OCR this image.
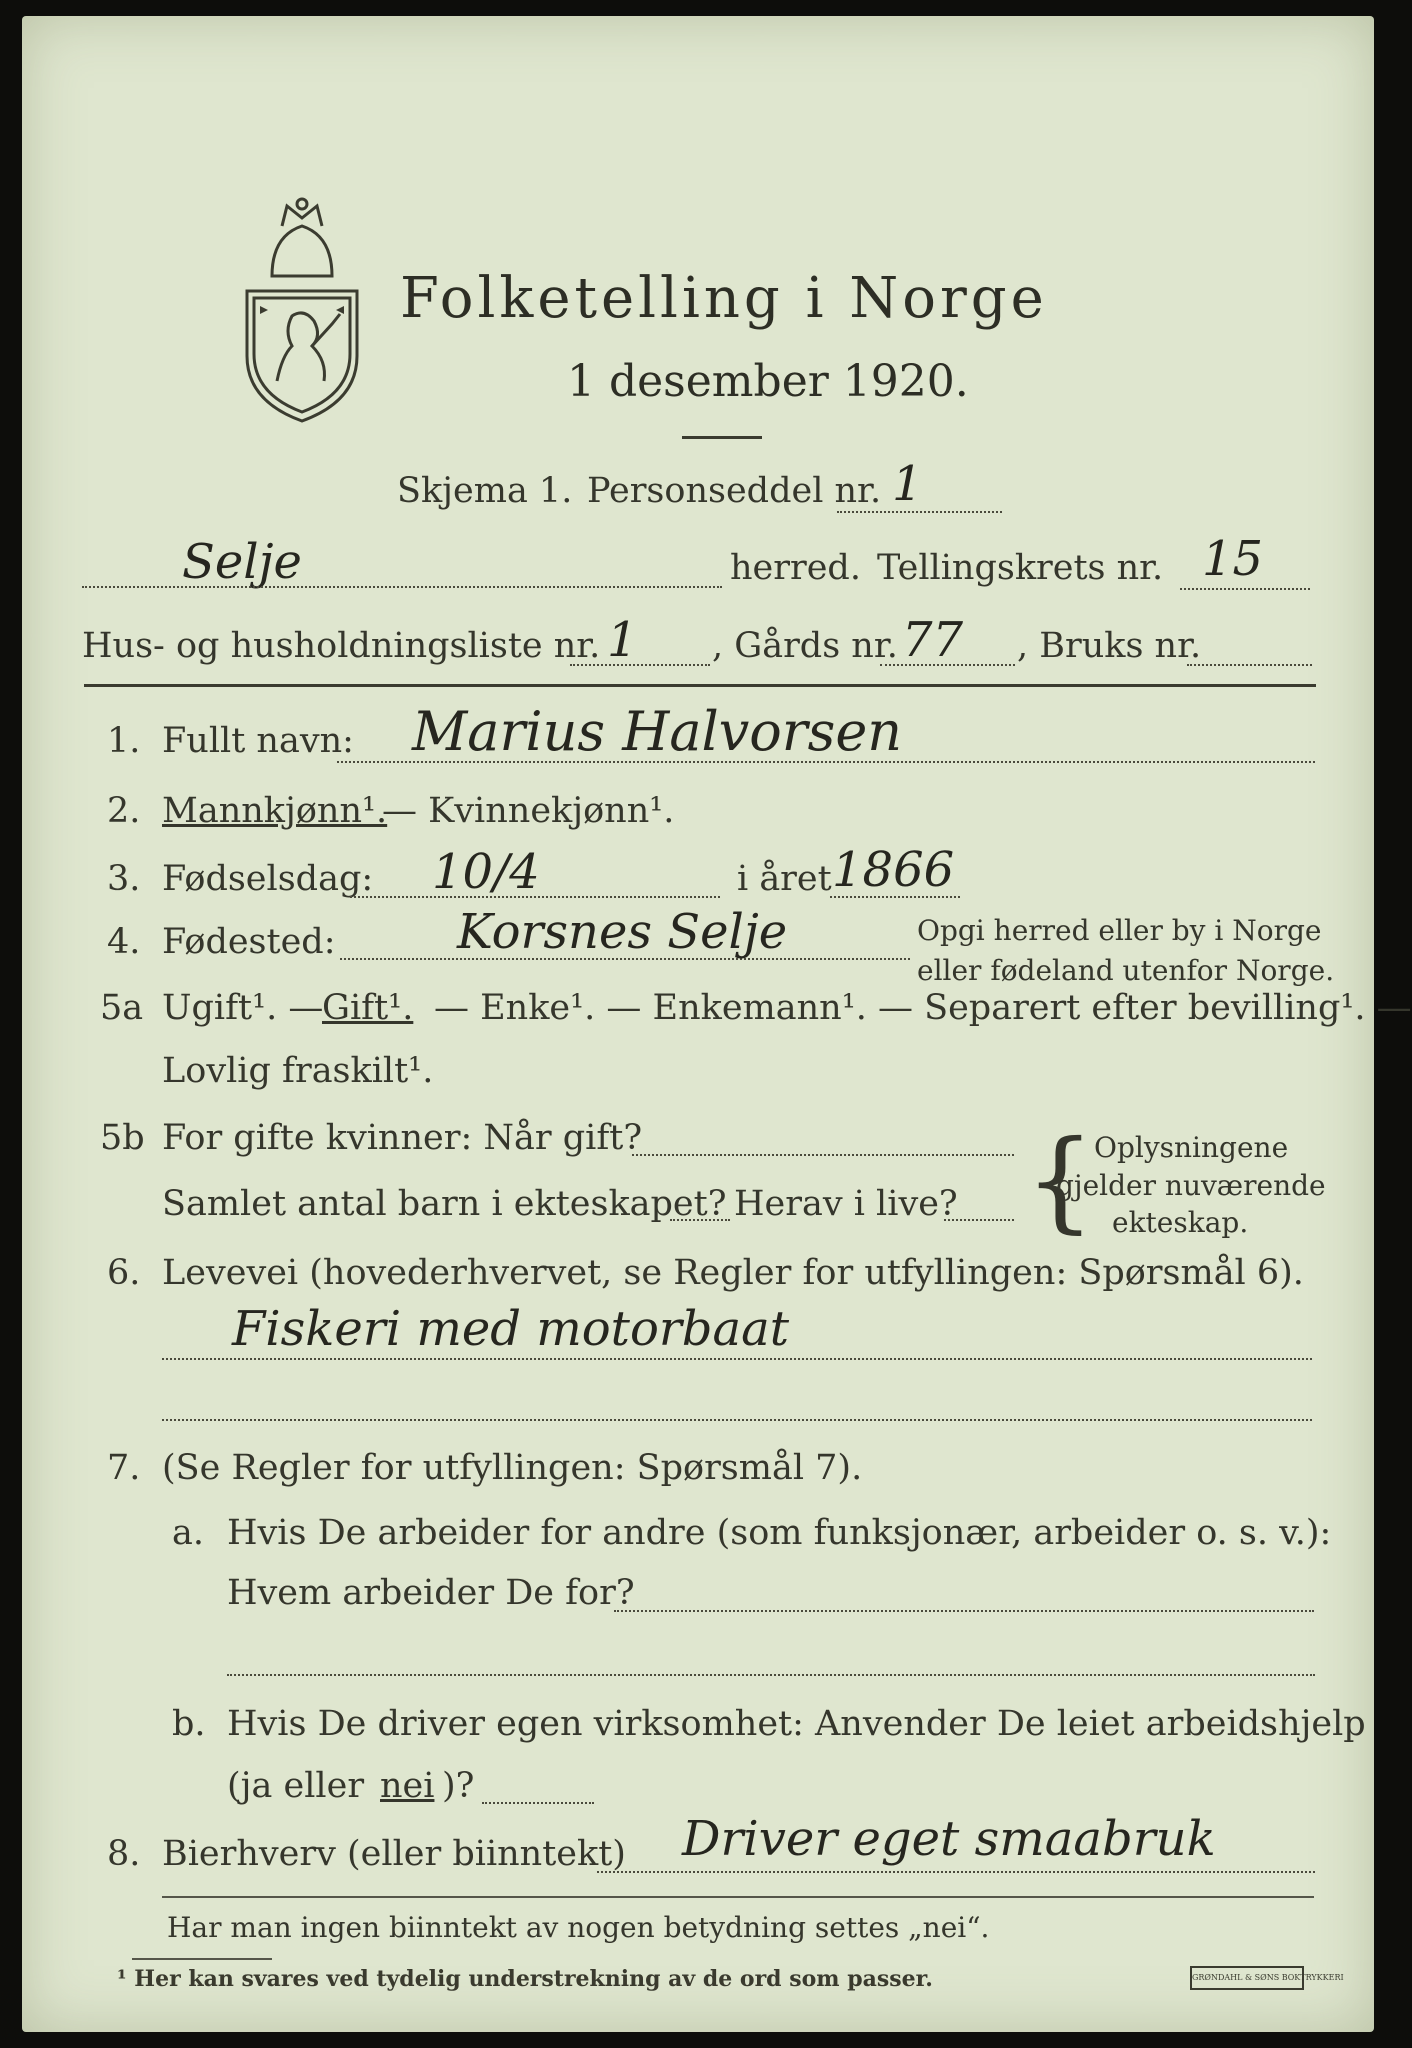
Folketelling i Norge
1 desember 1920.
Skjema 1. Personseddel nr. 1
Selje	herred. Tellingskrets nr. 15
Hus- og husholdningsliste nr. 1 , Gårds nr. 77 , Bruks nr.
1. Fullt navn: Marius Halvorsen
2. Mannkjønn¹.
— Kvinnekjønn¹.
3. Fødselsdag: 10/4	i året 1866
4. Fødested:	Korsnes Selje	Opgi herred eller by i Norge
eller fødeland utenfor Norge.
5a Ugift¹. —
Gift¹. — Enke¹. — Enkemann¹. — Separert efter bevilling¹. —
Lovlig fraskilt¹.
5b For gifte kvinner: Når gift?
Samlet antal barn i ekteskapet? Herav i live? { Oplysningene
gjelder nuværende
ekteskap.
6. Levevei (hovederhvervet, se Regler for utfyllingen: Spørsmål 6).
Fiskeri med motorbaat
7. (Se Regler for utfyllingen: Spørsmål 7).
a. Hvis De arbeider for andre (som funksjonær, arbeider o. s. v.):
Hvem arbeider De for?
b. Hvis De driver egen virksomhet: Anvender De leiet arbeidshjelp
(ja eller nei )?
8. Bierhverv (eller biinntekt) Driver eget smaabruk
Har man ingen biinntekt av nogen betydning settes „nei“.
¹ Her kan svares ved tydelig understrekning av de ord som passer.	GRØNDAHL & SØNS BOKTRYKKERI
